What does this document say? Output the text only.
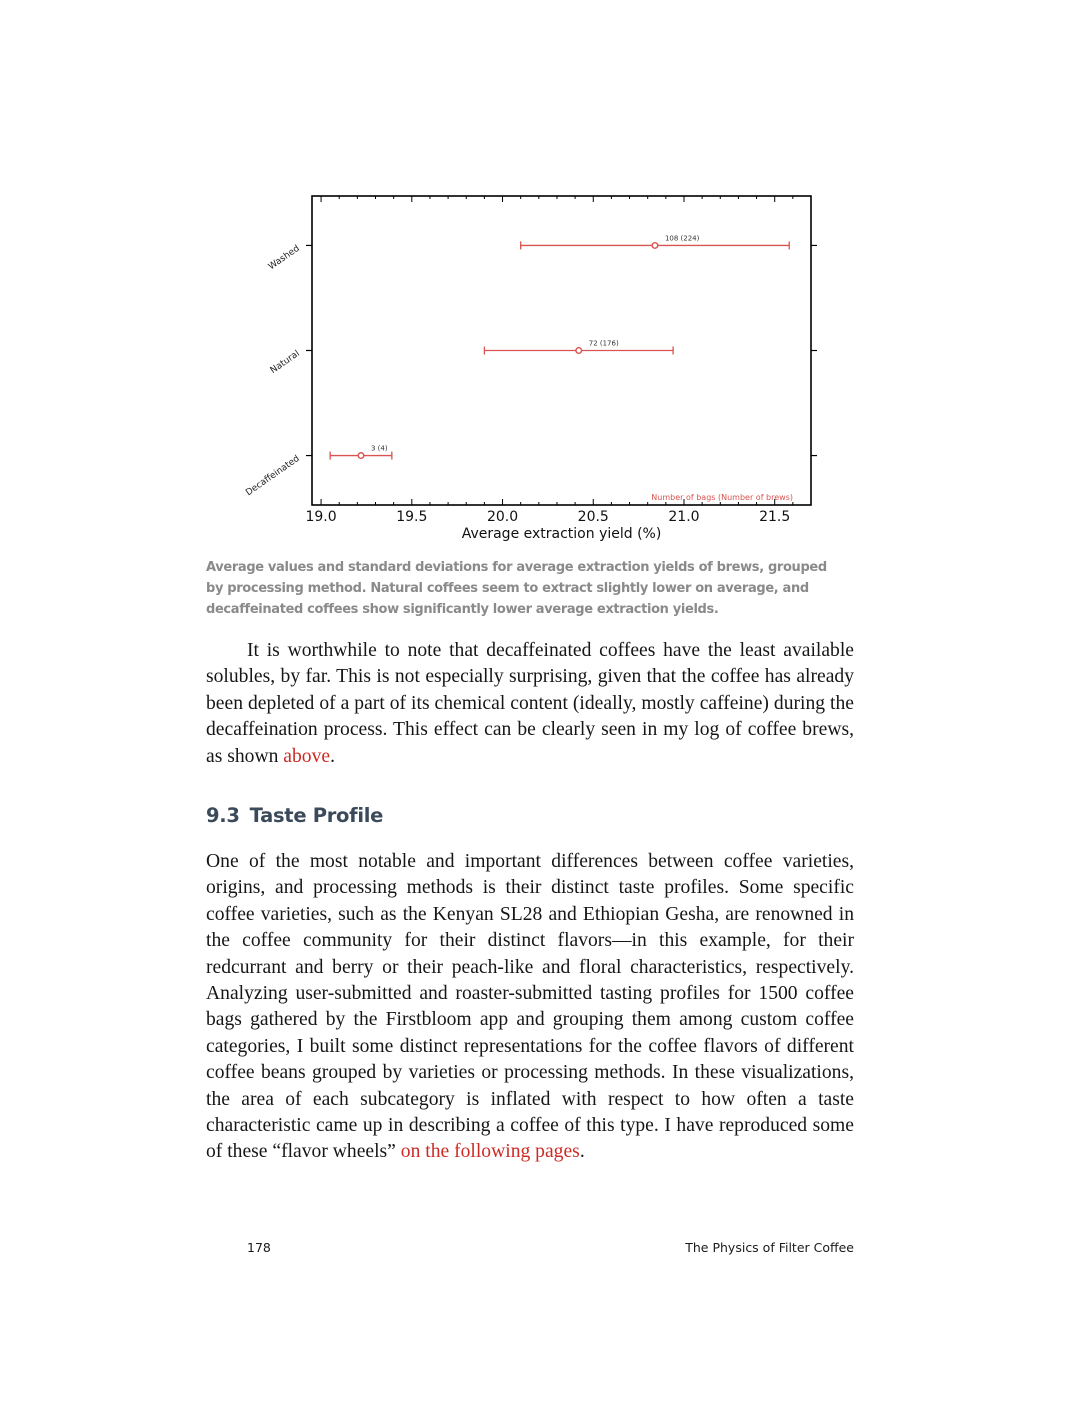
19.0	19.5	20.0	20.5	21.0	21.5
Average extraction yield (%)
Washed
Natural
Decaffeinated
108 (224)
72 (176)
3 (4)
Number of bags (Number of brews)

Average values and standard deviations for average extraction yields of brews, grouped by processing method. Natural coffees seem to extract slightly lower on average, and decaffeinated coffees show significantly lower average extraction yields.

It is worthwhile to note that decaffeinated coffees have the least available solubles, by far. This is not especially surprising, given that the coffee has already been depleted of a part of its chemical content (ideally, mostly caffeine) during the decaffeination process. This effect can be clearly seen in my log of coffee brews, as shown above.

9.3 Taste Profile

One of the most notable and important differences between coffee varieties, origins, and processing methods is their distinct taste profiles. Some specific coffee varieties, such as the Kenyan SL28 and Ethiopian Gesha, are renowned in the coffee community for their distinct flavors—in this example, for their redcurrant and berry or their peach-like and floral characteristics, respectively. Analyzing user-submitted and roaster-submitted tasting profiles for 1500 coffee bags gathered by the Firstbloom app and grouping them among custom coffee categories, I built some distinct representations for the coffee flavors of different coffee beans grouped by varieties or processing methods. In these visualizations, the area of each subcategory is inflated with respect to how often a taste characteristic came up in describing a coffee of this type. I have reproduced some of these “flavor wheels” on the following pages.

178	The Physics of Filter Coffee
